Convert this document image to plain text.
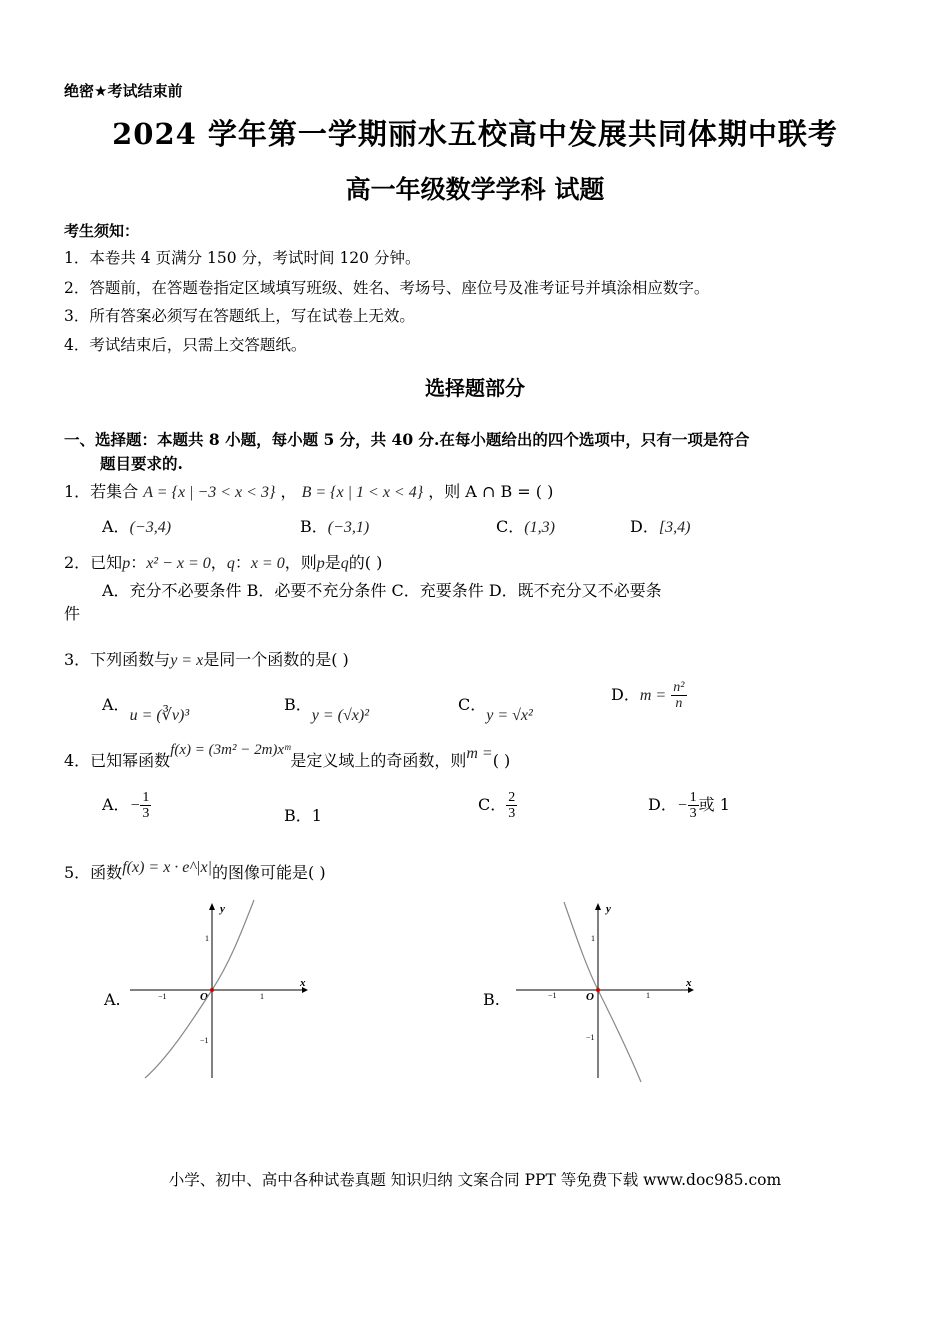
绝密★考试结束前
2024 学年第一学期丽水五校高中发展共同体期中联考
高一年级数学学科 试题
考生须知：
1．本卷共 4 页满分 150 分，考试时间 120 分钟。
2．答题前，在答题卷指定区域填写班级、姓名、考场号、座位号及准考证号并填涂相应数字。
3．所有答案必须写在答题纸上，写在试卷上无效。
4．考试结束后，只需上交答题纸。
选择题部分
一、选择题：本题共 8 小题，每小题 5 分，共 40 分.在每小题给出的四个选项中，只有一项是符合
题目要求的.
1．若集合 A = {x | −3 < x < 3} ， B = {x | 1 < x < 4} ，则 A ∩ B = ( )
A．(−3,4)	B．(−3,1)	C．(1,3)	D．[3,4)
2．已知p：x² − x = 0，q：x = 0，则p是q的( )
A．充分不必要条件 B．必要不充分条件 C．充要条件 D．既不充分又不必要条
件
3．下列函数与y = x是同一个函数的是( )
A．u = (∛v)³
B．y = (√x)²
C．y = √x²
D．$m = \frac{\text{n²}}{n}$
4．已知幂函数f(x) = (3m² − 2m)xᵐ是定义域上的奇函数，则m =( )
A．− $\frac{1}{3}$	B．1
C． $\frac{2}{3}$	D．− $\frac{1}{3}$ 或 1
5．函数f(x) = x · e^|x|的图像可能是( )
A.
y
x
O
−1	1
1
−1
B.
y
x
O
−1	1
1
−1
小学、初中、高中各种试卷真题 知识归纳 文案合同 PPT 等免费下载 www.doc985.com
